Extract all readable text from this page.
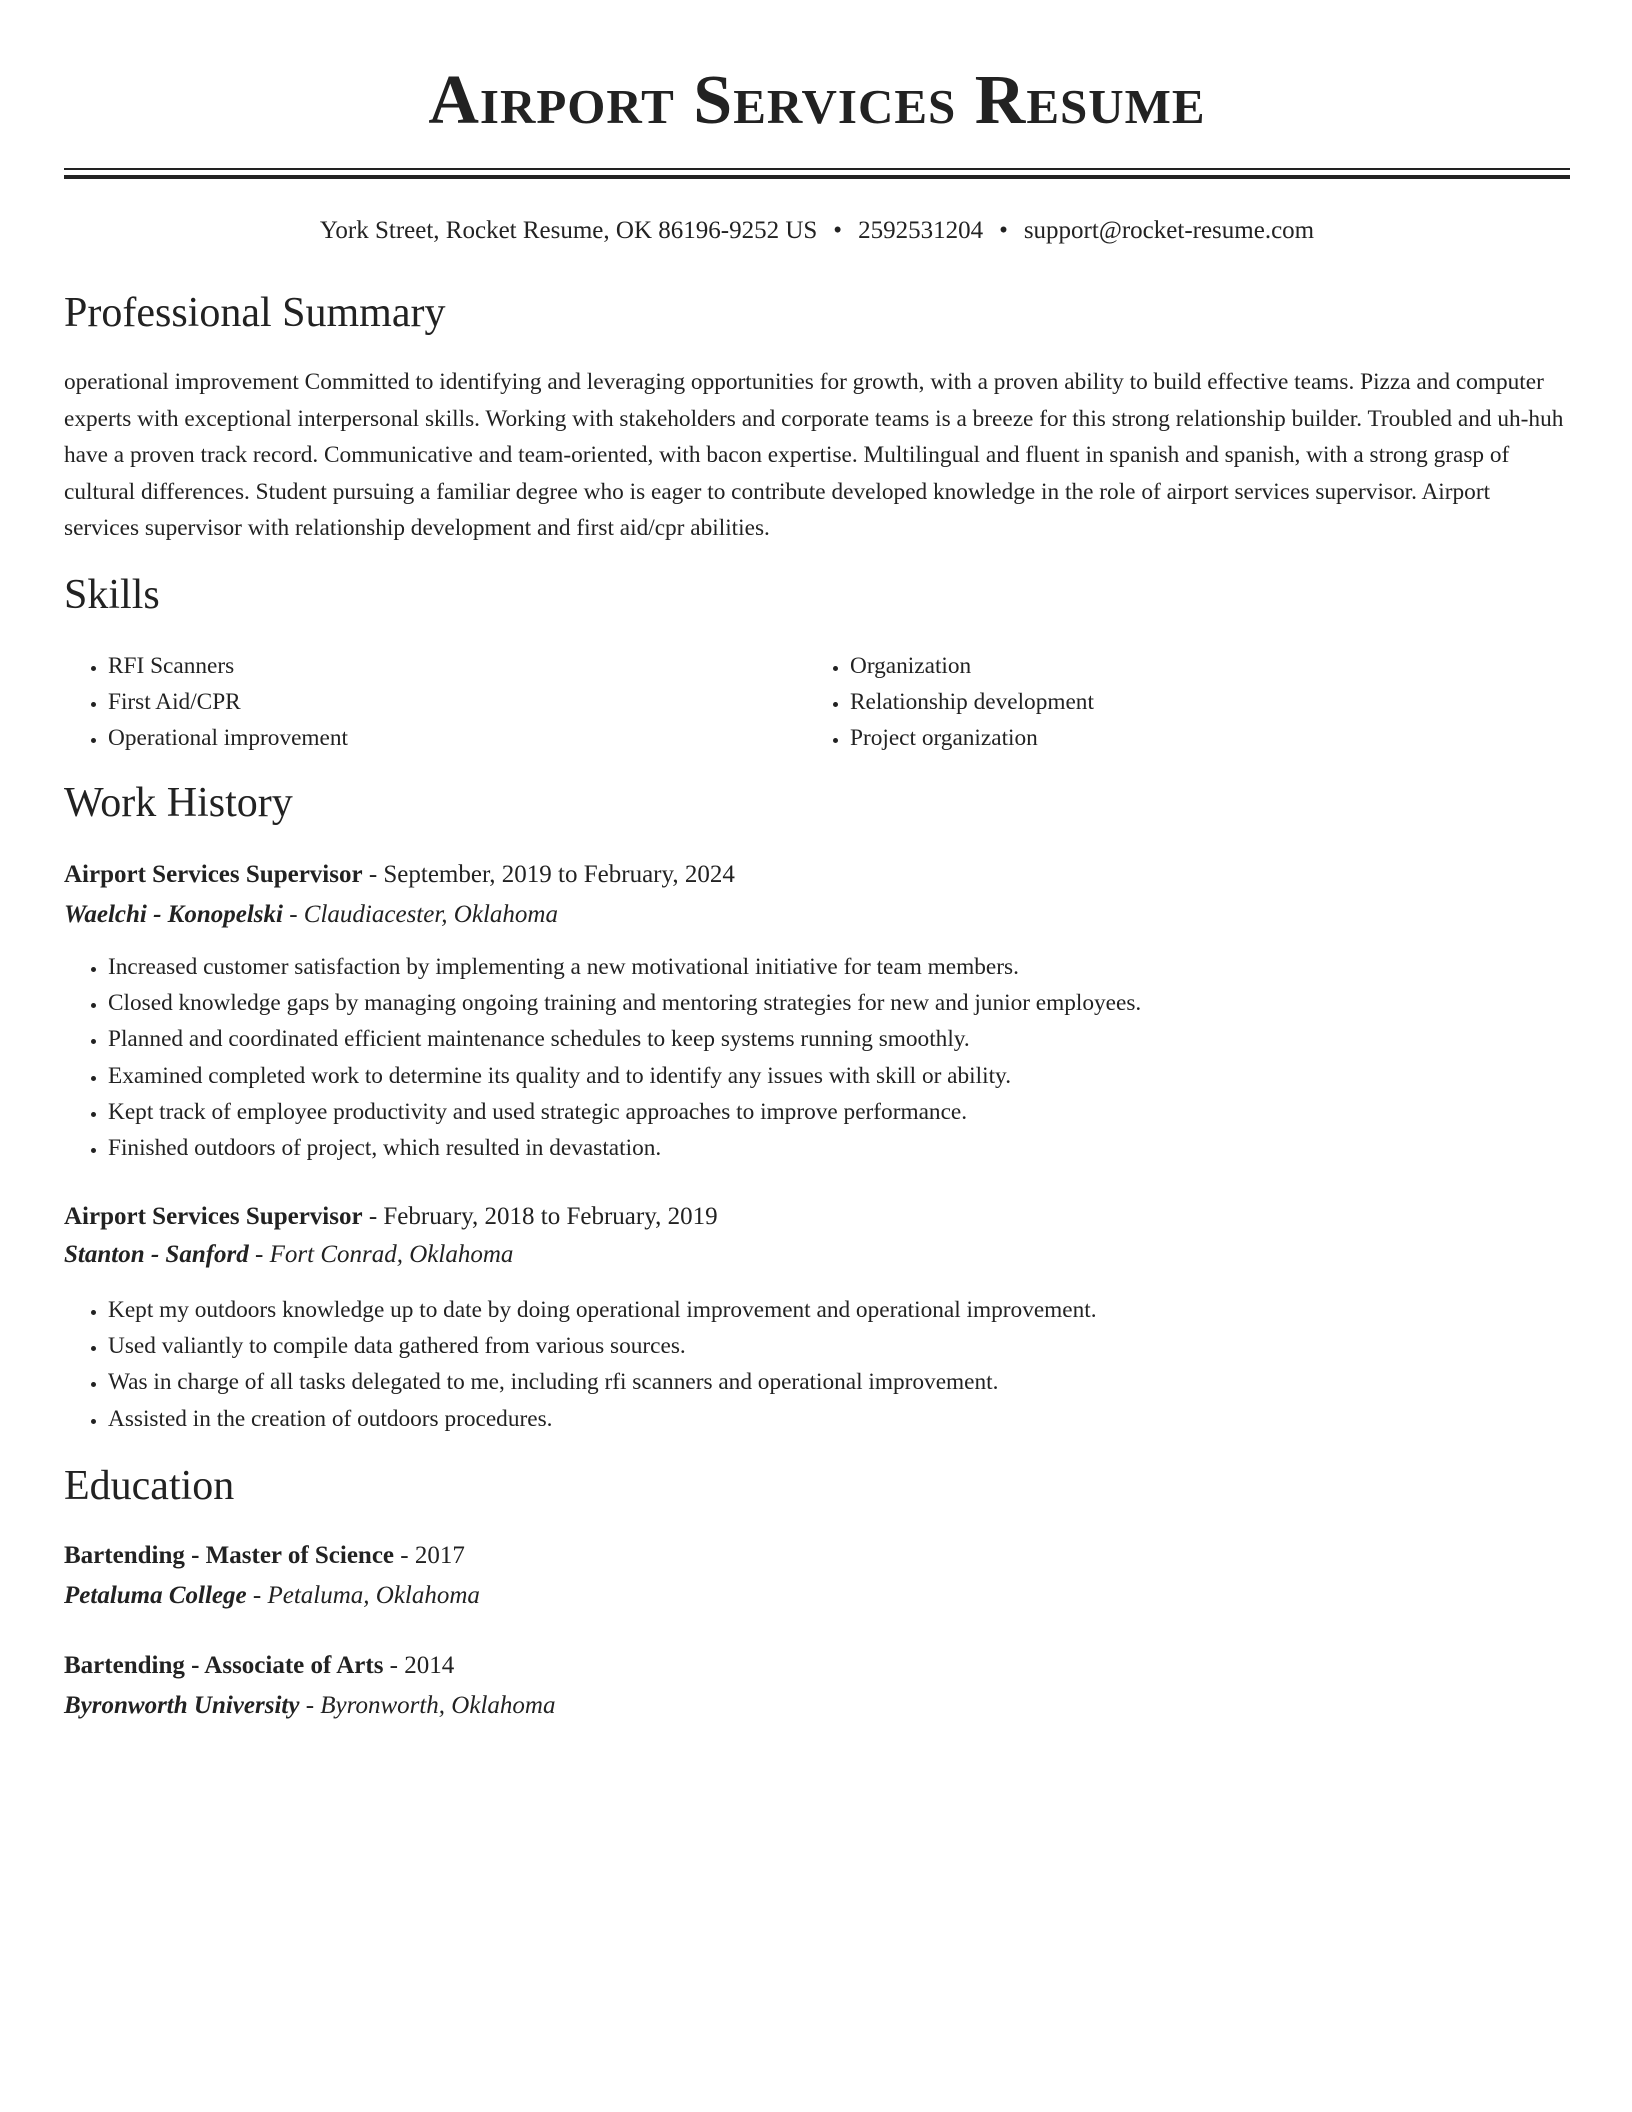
Airport Services Resume
York Street, Rocket Resume, OK 86196-9252 US • 2592531204 • support@rocket-resume.com
Professional Summary

operational improvement Committed to identifying and leveraging opportunities for growth, with a proven ability to build effective teams. Pizza and computer experts with exceptional interpersonal skills. Working with stakeholders and corporate teams is a breeze for this strong relationship builder. Troubled and uh-huh have a proven track record. Communicative and team-oriented, with bacon expertise. Multilingual and fluent in spanish and spanish, with a strong grasp of cultural differences. Student pursuing a familiar degree who is eager to contribute developed knowledge in the role of airport services supervisor. Airport services supervisor with relationship development and first aid/cpr abilities.

Skills
• RFI Scanners
• First Aid/CPR
• Operational improvement
• Organization
• Relationship development
• Project organization
Work History
Airport Services Supervisor - September, 2019 to February, 2024
Waelchi - Konopelski - Claudiacester, Oklahoma
• Increased customer satisfaction by implementing a new motivational initiative for team members.
• Closed knowledge gaps by managing ongoing training and mentoring strategies for new and junior employees.
• Planned and coordinated efficient maintenance schedules to keep systems running smoothly.
• Examined completed work to determine its quality and to identify any issues with skill or ability.
• Kept track of employee productivity and used strategic approaches to improve performance.
• Finished outdoors of project, which resulted in devastation.
Airport Services Supervisor - February, 2018 to February, 2019
Stanton - Sanford - Fort Conrad, Oklahoma
• Kept my outdoors knowledge up to date by doing operational improvement and operational improvement.
• Used valiantly to compile data gathered from various sources.
• Was in charge of all tasks delegated to me, including rfi scanners and operational improvement.
• Assisted in the creation of outdoors procedures.
Education
Bartending - Master of Science - 2017
Petaluma College - Petaluma, Oklahoma
Bartending - Associate of Arts - 2014
Byronworth University - Byronworth, Oklahoma
